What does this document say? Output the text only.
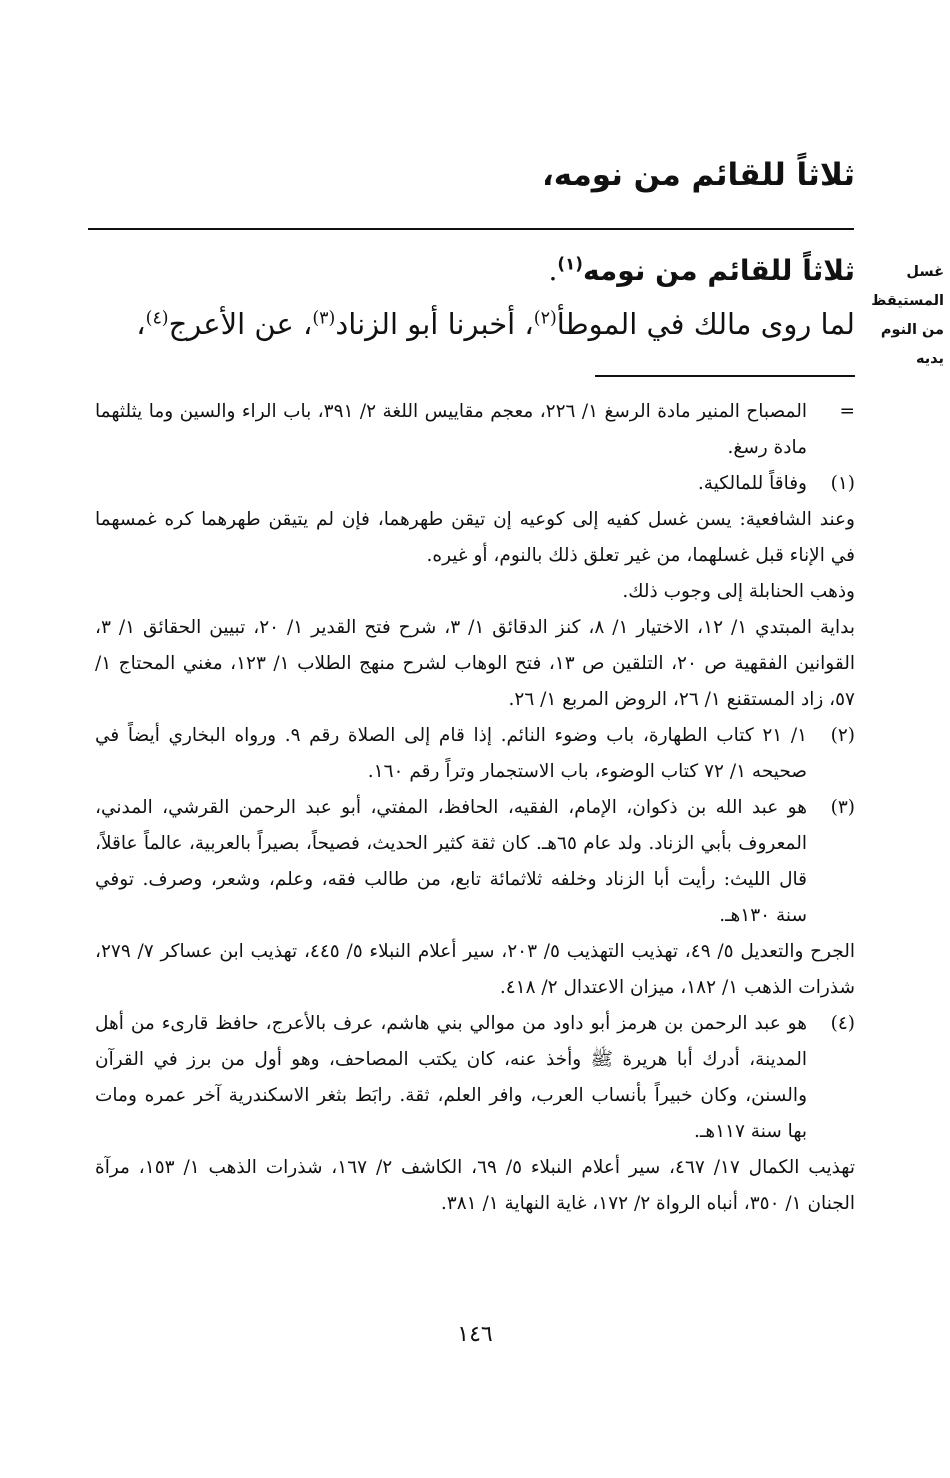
ثلاثاً للقائم من نومه،
غسل
المستيقظ
من النوم
يديه

ثلاثاً للقائم من نومه$^{(١)}$.

لما روى مالك في الموطأ$^{(٢)}$، أخبرنا أبو الزناد$^{(٣)}$، عن الأعرج$^{(٤)}$،

=

المصباح المنير مادة الرسغ ١/ ٢٢٦، معجم مقاييس اللغة ٢/ ٣٩١، باب الراء والسين وما يثلثهما مادة رسغ.

(١)

وفاقاً للمالكية.

وعند الشافعية: يسن غسل كفيه إلى كوعيه إن تيقن طهرهما، فإن لم يتيقن طهرهما كره غمسهما في الإناء قبل غسلهما، من غير تعلق ذلك بالنوم، أو غيره.

وذهب الحنابلة إلى وجوب ذلك.

بداية المبتدي ١/ ١٢، الاختيار ١/ ٨، كنز الدقائق ١/ ٣، شرح فتح القدير ١/ ٢٠، تبيين الحقائق ١/ ٣، القوانين الفقهية ص ٢٠، التلقين ص ١٣، فتح الوهاب لشرح منهج الطلاب ١/ ١٢٣، مغني المحتاج ١/ ٥٧، زاد المستقنع ١/ ٢٦، الروض المربع ١/ ٢٦.

(٢)

١/ ٢١ كتاب الطهارة، باب وضوء النائم. إذا قام إلى الصلاة رقم ٩. ورواه البخاري أيضاً في صحيحه ١/ ٧٢ كتاب الوضوء، باب الاستجمار وتراً رقم ١٦٠.

(٣)

هو عبد الله بن ذكوان، الإمام، الفقيه، الحافظ، المفتي، أبو عبد الرحمن القرشي، المدني، المعروف بأبي الزناد. ولد عام ٦٥هـ. كان ثقة كثير الحديث، فصيحاً، بصيراً بالعربية، عالماً عاقلاً، قال الليث: رأيت أبا الزناد وخلفه ثلاثمائة تابع، من طالب فقه، وعلم، وشعر، وصرف. توفي سنة ١٣٠هـ.

الجرح والتعديل ٥/ ٤٩، تهذيب التهذيب ٥/ ٢٠٣، سير أعلام النبلاء ٥/ ٤٤٥، تهذيب ابن عساكر ٧/ ٢٧٩، شذرات الذهب ١/ ١٨٢، ميزان الاعتدال ٢/ ٤١٨.

(٤)

هو عبد الرحمن بن هرمز أبو داود من موالي بني هاشم، عرف بالأعرج، حافظ قارىء من أهل المدينة، أدرك أبا هريرة ﷺ وأخذ عنه، كان يكتب المصاحف، وهو أول من برز في القرآن والسنن، وكان خبيراً بأنساب العرب، وافر العلم، ثقة. رابَط بثغر الاسكندرية آخر عمره ومات بها سنة ١١٧هـ.

تهذيب الكمال ١٧/ ٤٦٧، سير أعلام النبلاء ٥/ ٦٩، الكاشف ٢/ ١٦٧، شذرات الذهب ١/ ١٥٣، مرآة الجنان ١/ ٣٥٠، أنباه الرواة ٢/ ١٧٢، غاية النهاية ١/ ٣٨١.

١٤٦
